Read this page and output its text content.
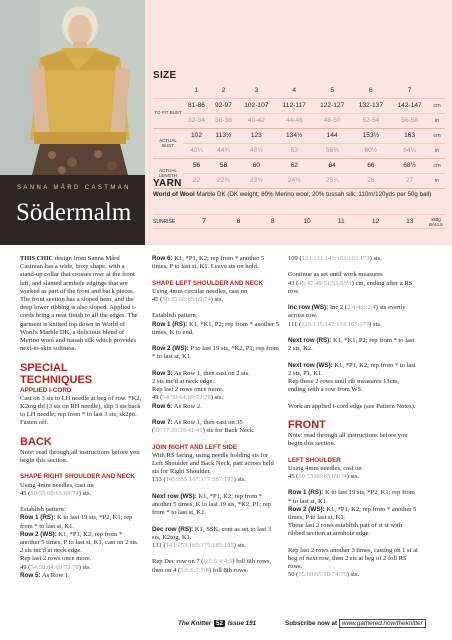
SANNA MÅRD CASTMAN
Södermalm
SIZE
	1	2	3	4	5	6	7	
TO FIT BUST	81-86	92-97	102-107	112-117	122-127	132-137	142-147	cm
	32-34	36-38	40-42	44-46	48-50	52-54	56-58	in
ACTUAL BUST	102	113½	123	134½	144	153½	163	cm
	40¼	44¾	48½	53	56¾	60½	64¼	in
ACTUAL LENGTH	56	58	60	62	64	66	68½	cm
	22	22¾	23½	24½	25¼	26	27	in
YARN
World of Wool Marble DK (DK weight; 80% Merino wool, 20% tussah silk; 110m/120yds per 50g ball)
SUNRISE	7	8	8	10	11	12	13	x50g BALLS

THIS CHIC design from Sanna Mård Castman has a wide, boxy shape, with a stand-up collar that crosses over at the front left, and slanted armhole edgings that are worked as part of the front and back pieces. The front section has a sloped hem, and the deep lower ribbing is also sloped. Applied i-cords bring a neat finish to all the edges. The garment is knitted top down in World of Wool's Marble DK, a delicious blend of Merino wool and tussah silk which provides next-to-skin softness.

SPECIAL TECHNIQUES
APPLIED I-CORD

Cast on 3 sts to LH needle at beg of row. *K2, K2tog tbl (3 sts on RH needle), slip 3 sts back to LH needle; rep from * to last 3 sts, sk2po. Fasten off.

BACK

Note: read through all instructions before you begin this section.

SHAPE RIGHT SHOULDER AND NECK

Using 4mm needles, cast on
45 (50:55:60:65:69:74) sts.

Establish pattern:

Row 1 (RS): K to last 19 sts, *P2, K1; rep from * to last st, K1.

Row 2 (WS): K1, *P1, K2; rep from * another 5 times, P to last st, K1, cast on 2 sts.

2 sts inc'd at neck edge.

Rep last 2 rows once more.

49 (54:59:64:69:73:78) sts.

Row 5: As Row 1.

Row 6: K1, *P1, K2; rep from * another 5 times, P to last st, K1. Leave sts on hold.

SHAPE LEFT SHOULDER AND NECK

Using 4mm circular needles, cast on
45 (50:55:60:65:69:74) sts.

Establish pattern:

Row 1 (RS): K1, *K1, P2; rep from * another 5 times, K to end.

Row 2 (WS): P to last 19 sts, *K2, P1; rep from * to last st, K1.

Row 3: As Row 1, then cast on 2 sts.

2 sts inc'd at neck edge.

Rep last 2 rows once more.

49 (54:59:64:69:73:78) sts.

Row 6: As Row 2.

Row 7: As Row 1, then cast on 35 (37:37:39:39:41:41) sts for Back Neck.

JOIN RIGHT AND LEFT SIDE

With RS facing, using needle holding sts for Left Shoulder and Back Neck, patt across held sts for Right Shoulder.

133 (145:155:167:177:187:197) sts.

Next row (WS): K1, *P1, K2; rep from * another 5 times, K to last 19 sts, *K2, P1; rep from * to last st, K1.

Dec row (RS): K1, SSK, cont as set to last 3 sts, K2tog, K1.

131 (143:153:165:175:185:195) sts.

Rep Dec row on 7 (6:5:5:4:4:3) foll 6th rows, then on 4 (5:6:6:7:7:8) foll 8th rows.

109 (123:131:143:153:163:173) sts.

Continue as set until work measures
43 (45:47:49:51:53:55½) cm, ending after a RS row.

Inc row (WS): Inc 2 (2:4:4:0:2:4) sts evenly across row.

111 (125:135:147:153:165:177) sts.

Next row (RS): K1, *K1, P2; rep from * to last 2 sts, K2.

Next row (WS): K1, *P1, K2; rep from * to last 2 sts, P1, K1.

Rep these 2 rows until rib measures 13cm, ending with a row from WS.

Work an applied i-cord edge (see Pattern Notes).

FRONT

Note: read through all instructions before you begin this section.

LEFT SHOULDER

Using 4mm needles, cast on
45 (50:55:60:65:69:74) sts.

Row 1 (RS): K to last 19 sts, *P2, K1; rep from * to last st, K1.

Row 2 (WS): K1, *P1, K2; rep from * another 5 times, P to last st, K1.

These last 2 rows establish patt of st st with ribbed section at armhole edge.

Rep last 2 rows another 3 times, casting on 1 st at beg of next row, then 2 sts at beg of 2 foll RS rows.

50 (55:60:65:70:74:79) sts.

The Knitter 52 Issue 191	Subscribe now at www.gathered.how/theknitter
